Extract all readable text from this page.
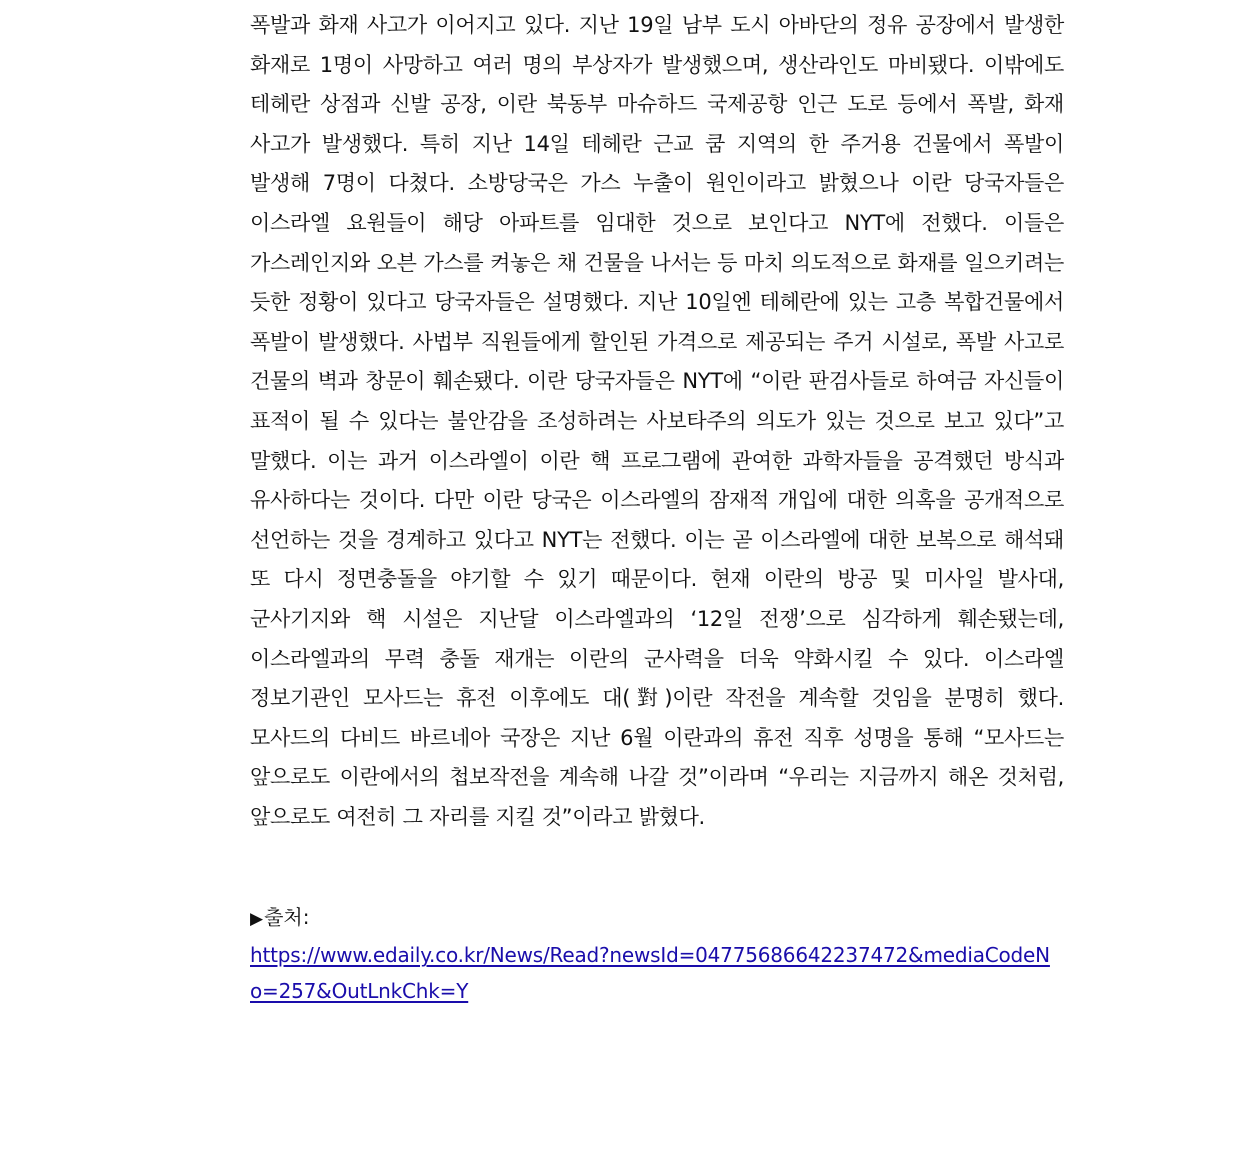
폭발과 화재 사고가 이어지고 있다. 지난 19일 남부 도시 아바단의 정유 공장에서 발생한 화재로 1명이 사망하고 여러 명의 부상자가 발생했으며, 생산라인도 마비됐다. 이밖에도 테헤란 상점과 신발 공장, 이란 북동부 마슈하드 국제공항 인근 도로 등에서 폭발, 화재 사고가 발생했다. 특히 지난 14일 테헤란 근교 쿰 지역의 한 주거용 건물에서 폭발이 발생해 7명이 다쳤다. 소방당국은 가스 누출이 원인이라고 밝혔으나 이란 당국자들은 이스라엘 요원들이 해당 아파트를 임대한 것으로 보인다고 NYT에 전했다. 이들은 가스레인지와 오븐 가스를 켜놓은 채 건물을 나서는 등 마치 의도적으로 화재를 일으키려는 듯한 정황이 있다고 당국자들은 설명했다. 지난 10일엔 테헤란에 있는 고층 복합건물에서 폭발이 발생했다. 사법부 직원들에게 할인된 가격으로 제공되는 주거 시설로, 폭발 사고로 건물의 벽과 창문이 훼손됐다. 이란 당국자들은 NYT에 “이란 판검사들로 하여금 자신들이 표적이 될 수 있다는 불안감을 조성하려는 사보타주의 의도가 있는 것으로 보고 있다”고 말했다. 이는 과거 이스라엘이 이란 핵 프로그램에 관여한 과학자들을 공격했던 방식과 유사하다는 것이다. 다만 이란 당국은 이스라엘의 잠재적 개입에 대한 의혹을 공개적으로 선언하는 것을 경계하고 있다고 NYT는 전했다. 이는 곧 이스라엘에 대한 보복으로 해석돼 또 다시 정면충돌을 야기할 수 있기 때문이다. 현재 이란의 방공 및 미사일 발사대, 군사기지와 핵 시설은 지난달 이스라엘과의 ‘12일 전쟁’으로 심각하게 훼손됐는데, 이스라엘과의 무력 충돌 재개는 이란의 군사력을 더욱 약화시킬 수 있다. 이스라엘 정보기관인 모사드는 휴전 이후에도 대(對)이란 작전을 계속할 것임을 분명히 했다. 모사드의 다비드 바르네아 국장은 지난 6월 이란과의 휴전 직후 성명을 통해 “모사드는 앞으로도 이란에서의 첩보작전을 계속해 나갈 것”이라며 “우리는 지금까지 해온 것처럼, 앞으로도 여전히 그 자리를 지킬 것”이라고 밝혔다.

▶출처:
https://www.edaily.co.kr/News/Read?newsId=04775686642237472&mediaCodeNo=257&OutLnkChk=Y
